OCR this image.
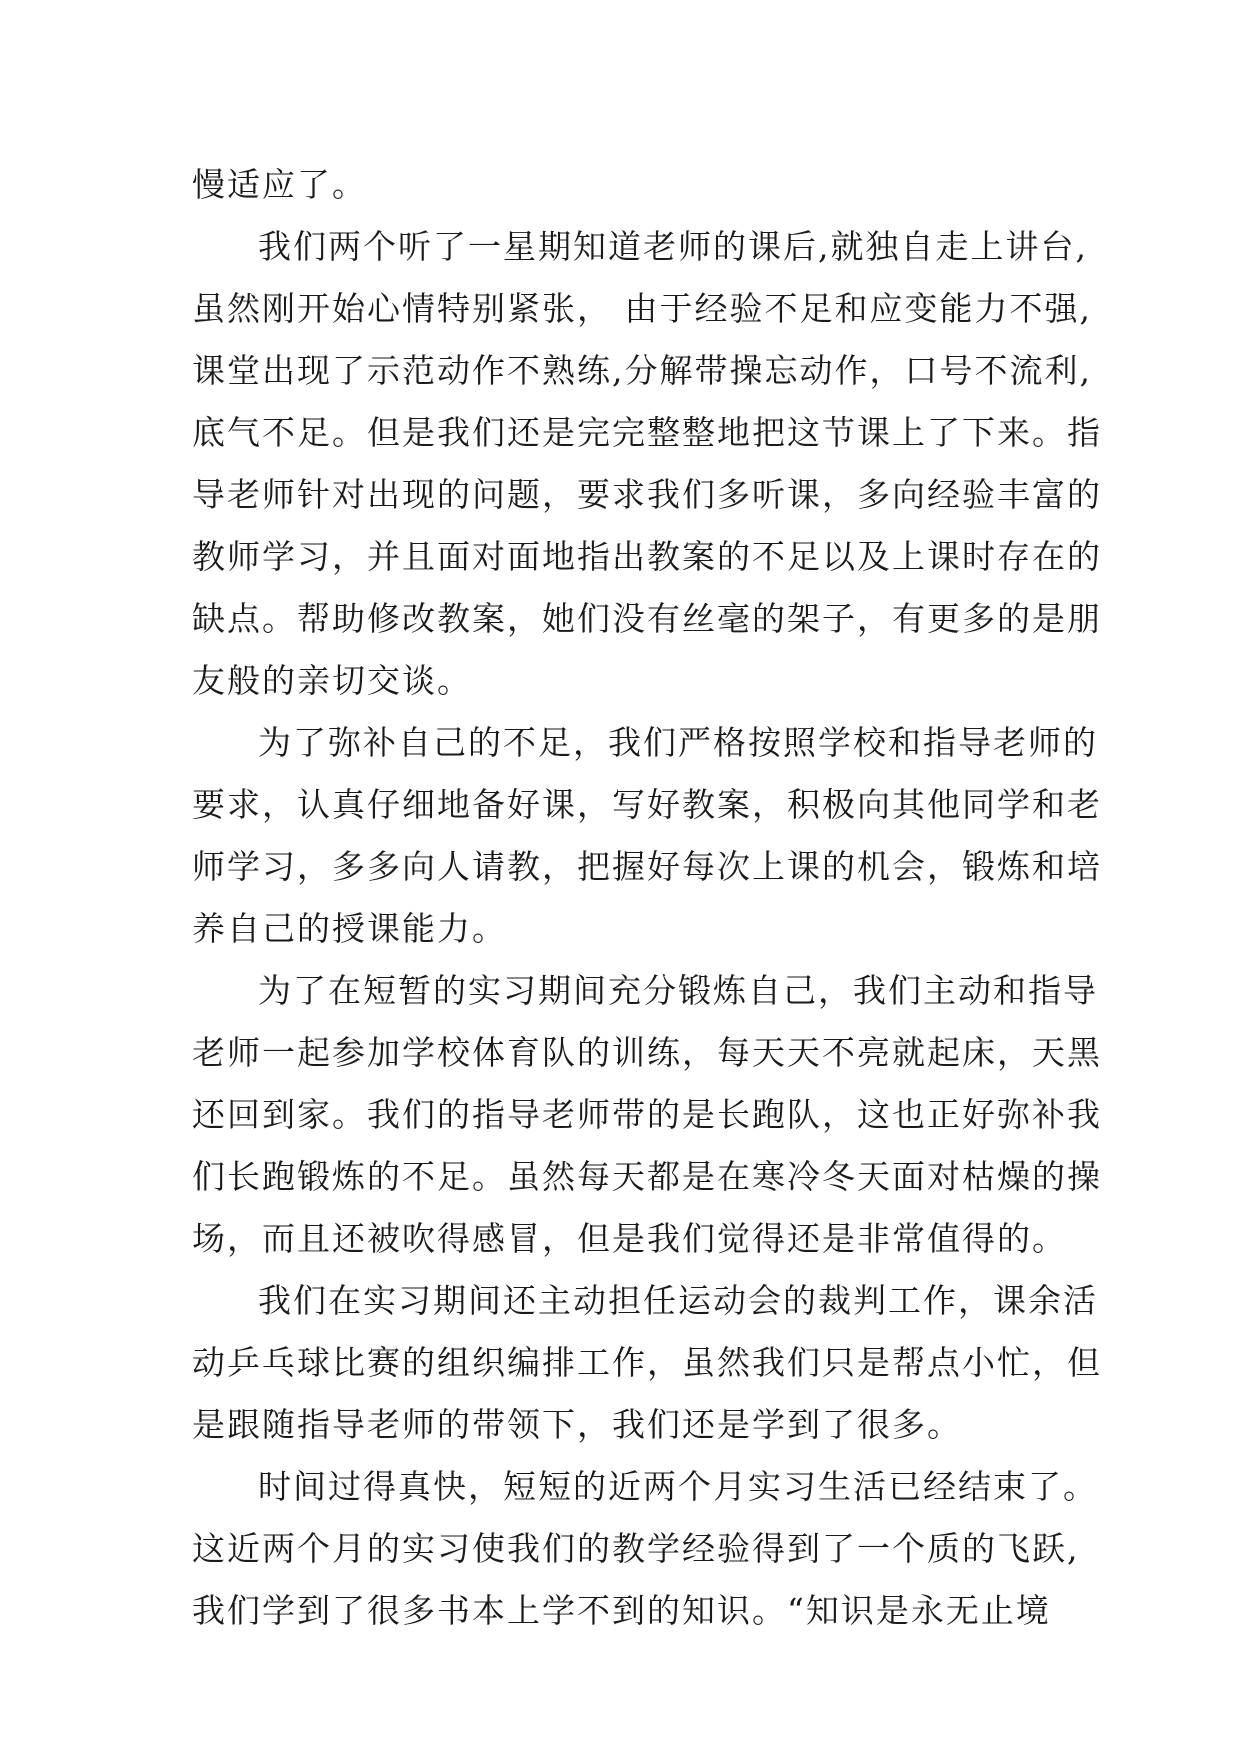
慢适应了。
我们两个听了一星期知道老师的课后,就独自走上讲台,
虽然刚开始心情特别紧张， 由于经验不足和应变能力不强,
课堂出现了示范动作不熟练,分解带操忘动作，口号不流利,
底气不足。但是我们还是完完整整地把这节课上了下来。指
导老师针对出现的问题，要求我们多听课，多向经验丰富的
教师学习，并且面对面地指出教案的不足以及上课时存在的
缺点。帮助修改教案，她们没有丝毫的架子，有更多的是朋
友般的亲切交谈。
为了弥补自己的不足，我们严格按照学校和指导老师的
要求，认真仔细地备好课，写好教案，积极向其他同学和老
师学习，多多向人请教，把握好每次上课的机会，锻炼和培
养自己的授课能力。
为了在短暂的实习期间充分锻炼自己，我们主动和指导
老师一起参加学校体育队的训练，每天天不亮就起床，天黑
还回到家。我们的指导老师带的是长跑队，这也正好弥补我
们长跑锻炼的不足。虽然每天都是在寒冷冬天面对枯燥的操
场，而且还被吹得感冒，但是我们觉得还是非常值得的。
我们在实习期间还主动担任运动会的裁判工作，课余活
动乒乓球比赛的组织编排工作，虽然我们只是帮点小忙，但
是跟随指导老师的带领下，我们还是学到了很多。
时间过得真快，短短的近两个月实习生活已经结束了。
这近两个月的实习使我们的教学经验得到了一个质的飞跃,
我们学到了很多书本上学不到的知识。“知识是永无止境
